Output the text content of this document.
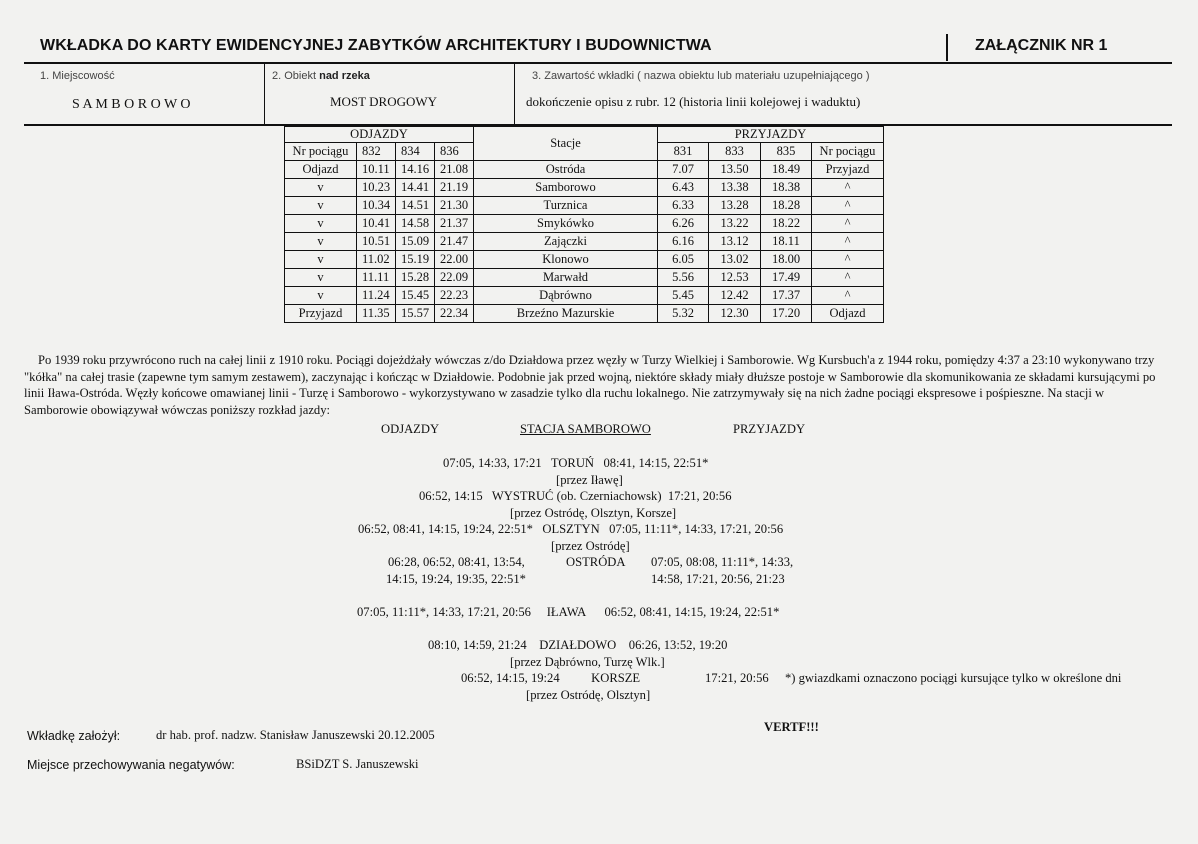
WKŁADKA DO KARTY EWIDENCYJNEJ ZABYTKÓW ARCHITEKTURY I BUDOWNICTWA	ZAŁĄCZNIK NR 1
1. Miejscowość
S A M B O R O W O
2. Obiekt nad rzeka
MOST DROGOWY
3. Zawartość wkładki ( nazwa obiektu lub materiału uzupełniającego )
dokończenie opisu z rubr. 12 (historia linii kolejowej i waduktu)
ODJAZDY				Stacje	PRZYJAZDY			
Nr pociągu	832	834	836		831	833	835	Nr pociągu
Odjazd	10.11	14.16	21.08	Ostróda	7.07	13.50	18.49	Przyjazd
v	10.23	14.41	21.19	Samborowo	6.43	13.38	18.38	^
v	10.34	14.51	21.30	Turznica	6.33	13.28	18.28	^
v	10.41	14.58	21.37	Smykówko	6.26	13.22	18.22	^
v	10.51	15.09	21.47	Zajączki	6.16	13.12	18.11	^
v	11.02	15.19	22.00	Klonowo	6.05	13.02	18.00	^
v	11.11	15.28	22.09	Marwałd	5.56	12.53	17.49	^
v	11.24	15.45	22.23	Dąbrówno	5.45	12.42	17.37	^
Przyjazd	11.35	15.57	22.34	Brzeźno Mazurskie	5.32	12.30	17.20	Odjazd
Po 1939 roku przywrócono ruch na całej linii z 1910 roku. Pociągi dojeżdżały wówczas z/do Działdowa przez węzły w Turzy Wielkiej i Samborowie. Wg Kursbuch'a z 1944 roku, pomiędzy 4:37 a 23:10 wykonywano trzy "kółka" na całej trasie (zapewne tym samym zestawem), zaczynając i kończąc w Działdowie. Podobnie jak przed wojną, niektóre składy miały dłuższe postoje w Samborowie dla skomunikowania ze składami kursującymi po linii Iława-Ostróda. Węzły końcowe omawianej linii - Turzę i Samborowo - wykorzystywano w zasadzie tylko dla ruchu lokalnego. Nie zatrzymywały się na nich żadne pociągi ekspresowe i pośpieszne. Na stacji w Samborowie obowiązywał wówczas poniższy rozkład jazdy:
ODJAZDY	STACJA SAMBOROWO	PRZYJAZDY
07:05, 14:33, 17:21   TORUŃ   08:41, 14:15, 22:51*
[przez Iławę]
06:52, 14:15   WYSTRUĆ (ob. Czerniachowsk)  17:21, 20:56
[przez Ostródę, Olsztyn, Korsze]
06:52, 08:41, 14:15, 19:24, 22:51*   OLSZTYN   07:05, 11:11*, 14:33, 17:21, 20:56
[przez Ostródę]
06:28, 06:52, 08:41, 13:54,	OSTRÓDA 07:05, 08:08, 11:11*, 14:33,
14:15, 19:24, 19:35, 22:51*	14:58, 17:21, 20:56, 21:23
07:05, 11:11*, 14:33, 17:21, 20:56     IŁAWA      06:52, 08:41, 14:15, 19:24, 22:51*
08:10, 14:59, 21:24    DZIAŁDOWO    06:26, 13:52, 19:20
[przez Dąbrówno, Turzę Wlk.]
06:52, 14:15, 19:24          KORSZE	17:21, 20:56 *) gwiazdkami oznaczono pociągi kursujące tylko w określone dni
[przez Ostródę, Olsztyn]
VERTF!!!
Wkładkę założył:	dr hab. prof. nadzw. Stanisław Januszewski 20.12.2005
Miejsce przechowywania negatywów:	BSiDZT S. Januszewski
